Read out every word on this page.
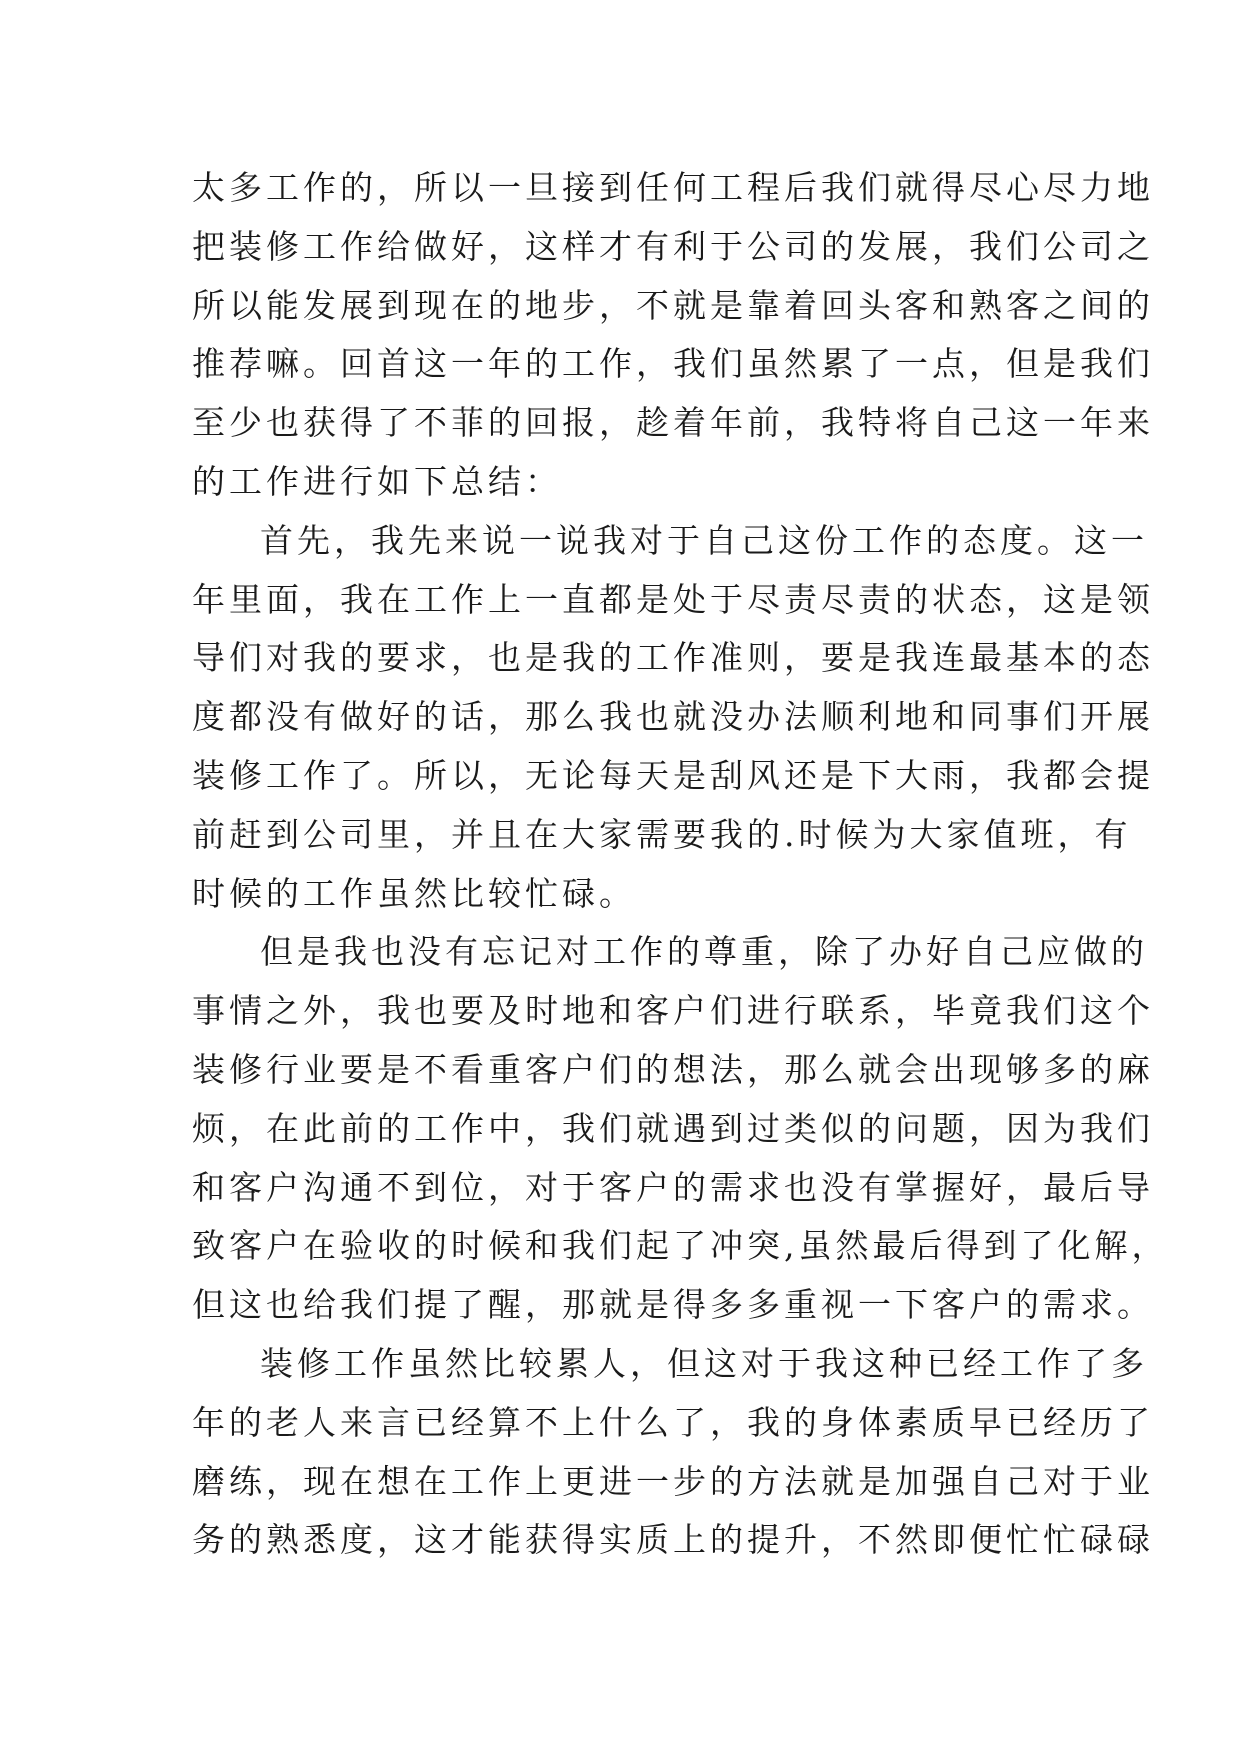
太多工作的，所以一旦接到任何工程后我们就得尽心尽力地
把装修工作给做好，这样才有利于公司的发展，我们公司之
所以能发展到现在的地步，不就是靠着回头客和熟客之间的
推荐嘛。回首这一年的工作，我们虽然累了一点，但是我们
至少也获得了不菲的回报，趁着年前，我特将自己这一年来
的工作进行如下总结：
首先，我先来说一说我对于自己这份工作的态度。这一
年里面，我在工作上一直都是处于尽责尽责的状态，这是领
导们对我的要求，也是我的工作准则，要是我连最基本的态
度都没有做好的话，那么我也就没办法顺利地和同事们开展
装修工作了。所以，无论每天是刮风还是下大雨，我都会提
前赶到公司里，并且在大家需要我的.时候为大家值班，有
时候的工作虽然比较忙碌。
但是我也没有忘记对工作的尊重，除了办好自己应做的
事情之外，我也要及时地和客户们进行联系，毕竟我们这个
装修行业要是不看重客户们的想法，那么就会出现够多的麻
烦，在此前的工作中，我们就遇到过类似的问题，因为我们
和客户沟通不到位，对于客户的需求也没有掌握好，最后导
致客户在验收的时候和我们起了冲突,虽然最后得到了化解，
但这也给我们提了醒，那就是得多多重视一下客户的需求。
装修工作虽然比较累人，但这对于我这种已经工作了多
年的老人来言已经算不上什么了，我的身体素质早已经历了
磨练，现在想在工作上更进一步的方法就是加强自己对于业
务的熟悉度，这才能获得实质上的提升，不然即便忙忙碌碌
